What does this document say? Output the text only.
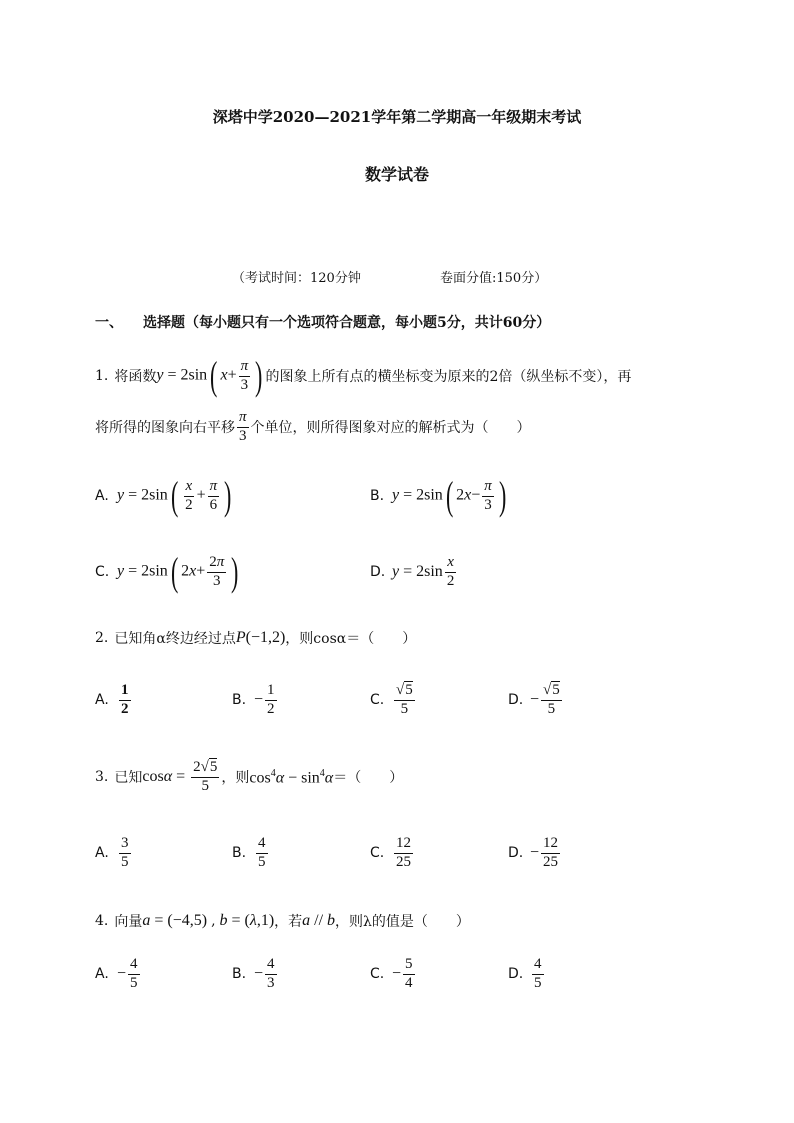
深塔中学2020—2021学年第二学期高一年级期末考试
数学试卷
（考试时间：120分钟	卷面分值:150分）
一、 选择题（每小题只有一个选项符合题意，每小题5分，共计60分）
1. 将函数 y = 2sin( $x+ \frac{\pi}{3}$ ) 的图象上所有点的横坐标变为原来的2倍（纵坐标不变），再
将所得的图象向右平移 $\frac{\pi}{3}$ 个单位，则所得图象对应的解析式为（　　）
A. $y = 2\sin( \frac{x}{2} + \frac{\pi}{6}$ )	B. y = 2sin( $2x- \frac{\pi}{3}$ )
C. y = 2sin( $2x+ \frac{2\pi}{3}$ )	D. $y = 2\sin \frac{x}{2}$
2. 已知角α终边经过点 P(−1,2) ，则cosα＝（　　）
A. $\frac{1}{2}$	B. − $\frac{1}{2}$	C. $\frac{√5}{5}$	D. − $\frac{√5}{5}$
3. 已知 $\cos\alpha = \frac{2√5}{5}$ ，则 $\cos^4\alpha - \sin^4\alpha$ ＝（　　）
A. $\frac{3}{5}$	B. $\frac{4}{5}$	C. $\frac{12}{25}$	D. − $\frac{12}{25}$
4. 向量 a = (−4,5) , b = (λ,1) ，若 a // b ，则λ的值是（　　）
A. − $\frac{4}{5}$	B. − $\frac{4}{3}$	C. − $\frac{5}{4}$	D. $\frac{4}{5}$
